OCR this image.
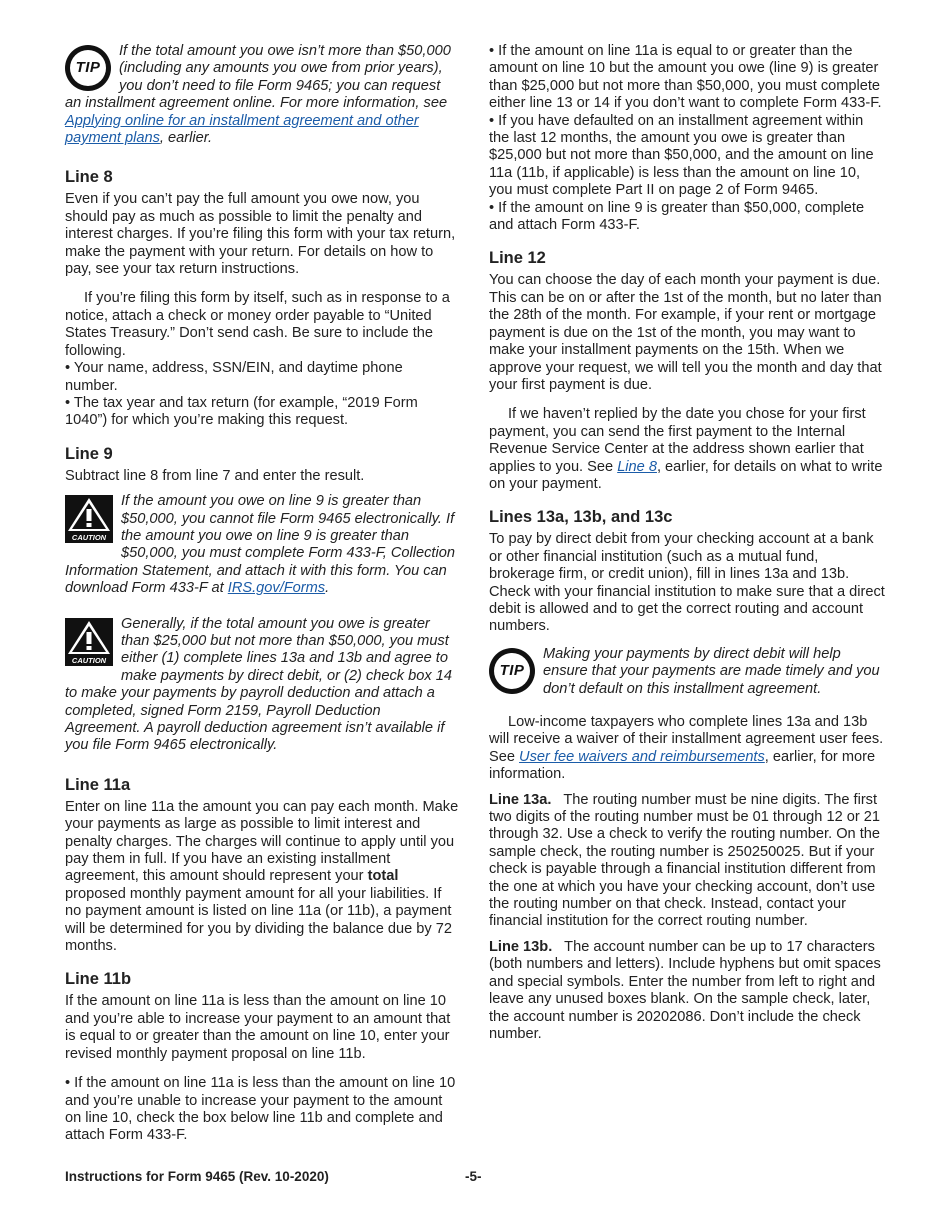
TIP
If the total amount you owe isn’t more than $50,000 (including any amounts you owe from prior years), you don’t need to file Form 9465; you can request an installment agreement online. For more information, see Applying online for an installment agreement and other payment plans, earlier.
Line 8

Even if you can’t pay the full amount you owe now, you should pay as much as possible to limit the penalty and interest charges. If you’re filing this form with your tax return, make the payment with your return. For details on how to pay, see your tax return instructions.

If you’re filing this form by itself, such as in response to a notice, attach a check or money order payable to “United States Treasury.” Don’t send cash. Be sure to include the following.

• Your name, address, SSN/EIN, and daytime phone number.

• The tax year and tax return (for example, “2019 Form 1040”) for which you’re making this request.

Line 9

Subtract line 8 from line 7 and enter the result.

CAUTION
If the amount you owe on line 9 is greater than $50,000, you cannot file Form 9465 electronically. If the amount you owe on line 9 is greater than $50,000, you must complete Form 433-F, Collection Information Statement, and attach it with this form. You can download Form 433-F at IRS.gov/Forms.
CAUTION
Generally, if the total amount you owe is greater than $25,000 but not more than $50,000, you must either (1) complete lines 13a and 13b and agree to make payments by direct debit, or (2) check box 14 to make your payments by payroll deduction and attach a completed, signed Form 2159, Payroll Deduction Agreement. A payroll deduction agreement isn’t available if you file Form 9465 electronically.
Line 11a

Enter on line 11a the amount you can pay each month. Make your payments as large as possible to limit interest and penalty charges. The charges will continue to apply until you pay them in full. If you have an existing installment agreement, this amount should represent your total proposed monthly payment amount for all your liabilities. If no payment amount is listed on line 11a (or 11b), a payment will be determined for you by dividing the balance due by 72 months.

Line 11b

If the amount on line 11a is less than the amount on line 10 and you’re able to increase your payment to an amount that is equal to or greater than the amount on line 10, enter your revised monthly payment proposal on line 11b.

• If the amount on line 11a is less than the amount on line 10 and you’re unable to increase your payment to the amount on line 10, check the box below line 11b and complete and attach Form 433-F.

• If the amount on line 11a is equal to or greater than the amount on line 10 but the amount you owe (line 9) is greater than $25,000 but not more than $50,000, you must complete either line 13 or 14 if you don’t want to complete Form 433-F.

• If you have defaulted on an installment agreement within the last 12 months, the amount you owe is greater than $25,000 but not more than $50,000, and the amount on line 11a (11b, if applicable) is less than the amount on line 10, you must complete Part II on page 2 of Form 9465.

• If the amount on line 9 is greater than $50,000, complete and attach Form 433-F.

Line 12

You can choose the day of each month your payment is due. This can be on or after the 1st of the month, but no later than the 28th of the month. For example, if your rent or mortgage payment is due on the 1st of the month, you may want to make your installment payments on the 15th. When we approve your request, we will tell you the month and day that your first payment is due.

If we haven’t replied by the date you chose for your first payment, you can send the first payment to the Internal Revenue Service Center at the address shown earlier that applies to you. See Line 8, earlier, for details on what to write on your payment.

Lines 13a, 13b, and 13c

To pay by direct debit from your checking account at a bank or other financial institution (such as a mutual fund, brokerage firm, or credit union), fill in lines 13a and 13b. Check with your financial institution to make sure that a direct debit is allowed and to get the correct routing and account numbers.

TIP
Making your payments by direct debit will help ensure that your payments are made timely and you don’t default on this installment agreement.

Low-income taxpayers who complete lines 13a and 13b will receive a waiver of their installment agreement user fees. See User fee waivers and reimbursements, earlier, for more information.

Line 13a. The routing number must be nine digits. The first two digits of the routing number must be 01 through 12 or 21 through 32. Use a check to verify the routing number. On the sample check, the routing number is 250250025. But if your check is payable through a financial institution different from the one at which you have your checking account, don’t use the routing number on that check. Instead, contact your financial institution for the correct routing number.

Line 13b. The account number can be up to 17 characters (both numbers and letters). Include hyphens but omit spaces and special symbols. Enter the number from left to right and leave any unused boxes blank. On the sample check, later, the account number is 20202086. Don’t include the check number.

Instructions for Form 9465 (Rev. 10-2020)	-5-
